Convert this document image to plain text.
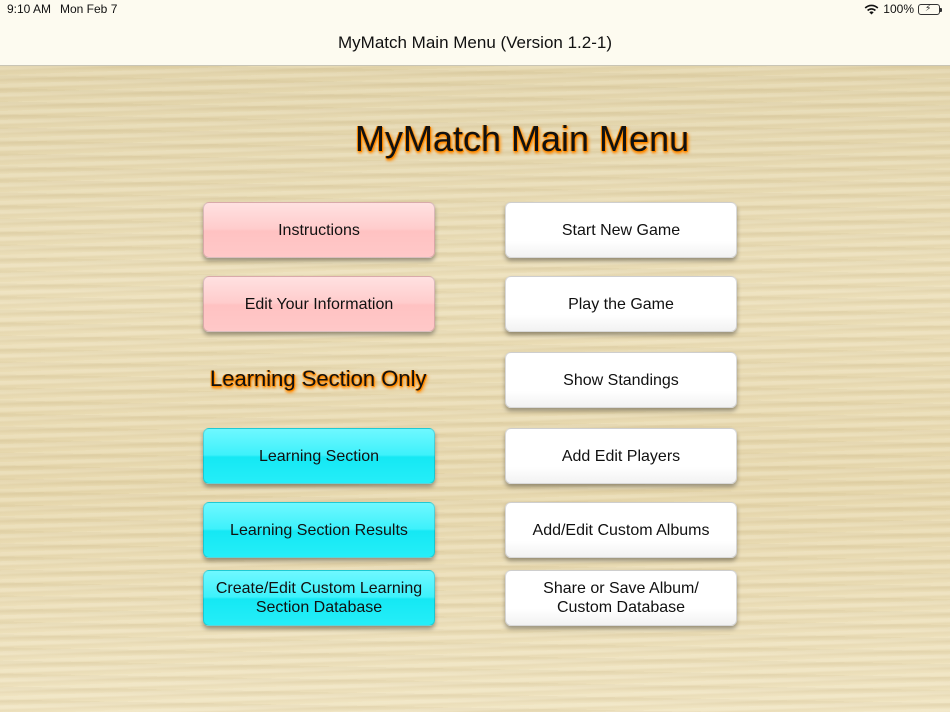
9:10 AM Mon Feb 7	100%
MyMatch Main Menu (Version 1.2-1)
MyMatch Main Menu
Instructions
Edit Your Information
Learning Section Only
Learning Section
Learning Section Results
Create/Edit Custom Learning Section Database
Start New Game
Play the Game
Show Standings
Add Edit Players
Add/Edit Custom Albums
Share or Save Album/ Custom Database
